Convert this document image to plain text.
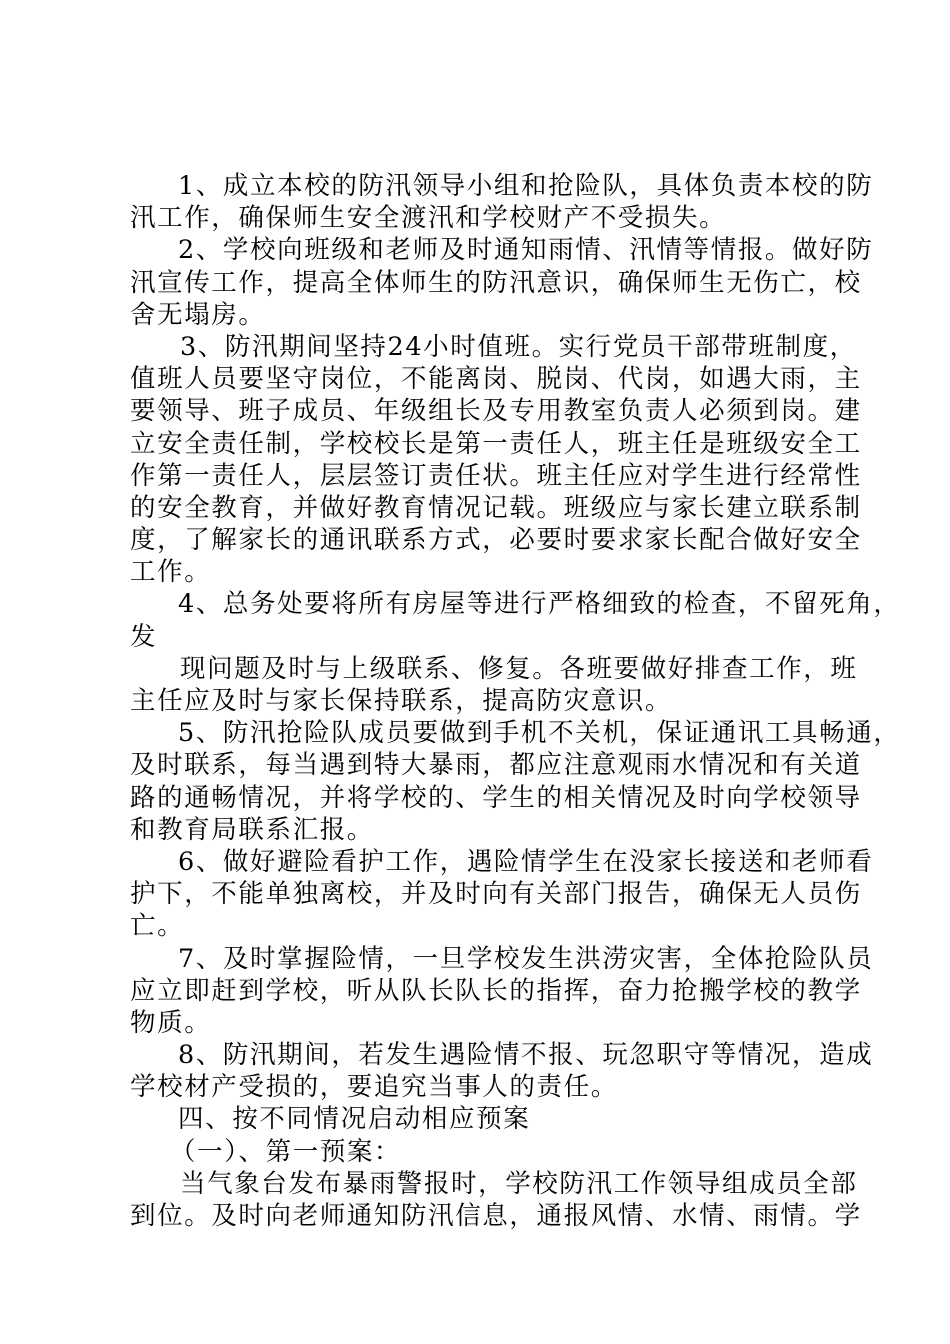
1、成立本校的防汛领导小组和抢险队，具体负责本校的防
汛工作，确保师生安全渡汛和学校财产不受损失。
2、学校向班级和老师及时通知雨情、汛情等情报。做好防
汛宣传工作，提高全体师生的防汛意识，确保师生无伤亡，校
舍无塌房。
3、防汛期间坚持24小时值班。实行党员干部带班制度，
值班人员要坚守岗位，不能离岗、脱岗、代岗，如遇大雨，主
要领导、班子成员、年级组长及专用教室负责人必须到岗。建
立安全责任制，学校校长是第一责任人，班主任是班级安全工
作第一责任人，层层签订责任状。班主任应对学生进行经常性
的安全教育，并做好教育情况记载。班级应与家长建立联系制
度，了解家长的通讯联系方式，必要时要求家长配合做好安全
工作。
4、总务处要将所有房屋等进行严格细致的检查，不留死角，
发
现问题及时与上级联系、修复。各班要做好排查工作，班
主任应及时与家长保持联系，提高防灾意识。
5、防汛抢险队成员要做到手机不关机，保证通讯工具畅通，
及时联系，每当遇到特大暴雨，都应注意观雨水情况和有关道
路的通畅情况，并将学校的、学生的相关情况及时向学校领导
和教育局联系汇报。
6、做好避险看护工作，遇险情学生在没家长接送和老师看
护下，不能单独离校，并及时向有关部门报告，确保无人员伤
亡。
7、及时掌握险情，一旦学校发生洪涝灾害，全体抢险队员
应立即赶到学校，听从队长队长的指挥，奋力抢搬学校的教学
物质。
8、防汛期间，若发生遇险情不报、玩忽职守等情况，造成
学校材产受损的，要追究当事人的责任。
四、按不同情况启动相应预案
（一）、第一预案：
当气象台发布暴雨警报时，学校防汛工作领导组成员全部
到位。及时向老师通知防汛信息，通报风情、水情、雨情。学
